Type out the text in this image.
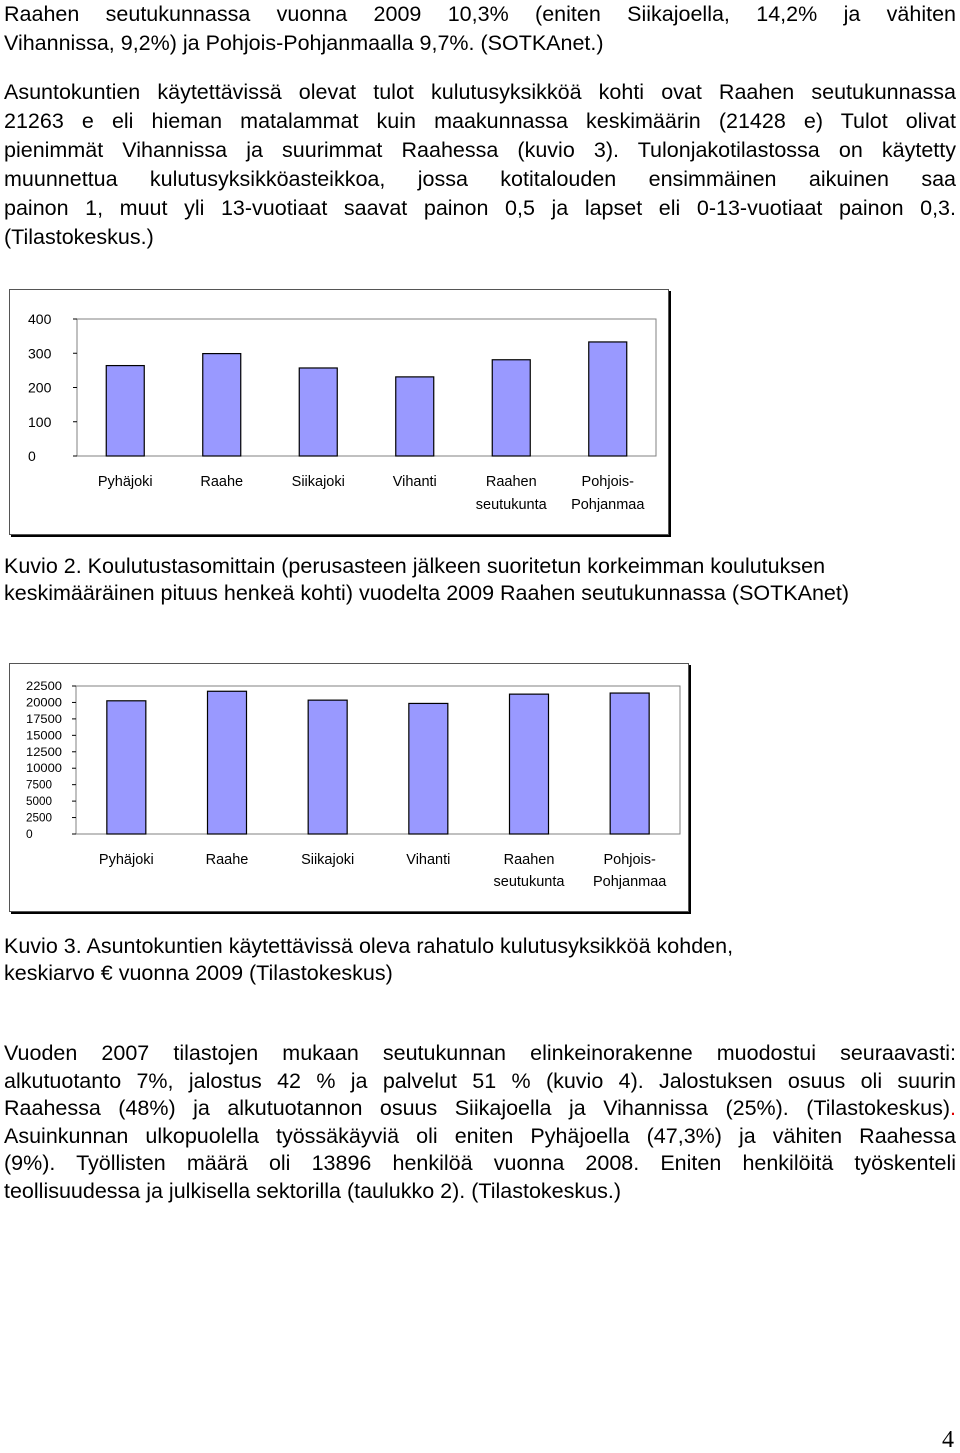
Raahen seutukunnassa vuonna 2009 10,3% (eniten Siikajoella, 14,2% ja vähiten
Vihannissa, 9,2%) ja Pohjois-Pohjanmaalla 9,7%. (SOTKAnet.)
Asuntokuntien käytettävissä olevat tulot kulutusyksikköä kohti ovat Raahen seutukunnassa
21263 e eli hieman matalammat kuin maakunnassa keskimäärin (21428 e) Tulot olivat
pienimmät Vihannissa ja suurimmat Raahessa (kuvio 3). Tulonjakotilastossa on käytetty
muunnettua kulutusyksikköasteikkoa, jossa kotitalouden ensimmäinen aikuinen saa
painon 1, muut yli 13-vuotiaat saavat painon 0,5 ja lapset eli 0-13-vuotiaat painon 0,3.
(Tilastokeskus.)
0
100
200
300
400
Pyhäjoki	Raahe	Siikajoki	Vihanti	Raahen
seutukunta
Pohjois-
Pohjanmaa
Kuvio 2. Koulutustasomittain (perusasteen jälkeen suoritetun korkeimman koulutuksen
keskimääräinen pituus henkeä kohti) vuodelta 2009 Raahen seutukunnassa (SOTKAnet)
0
2500
5000
7500
10000
12500
15000
17500
20000
22500
Pyhäjoki	Raahe	Siikajoki	Vihanti	Raahen
seutukunta
Pohjois-
Pohjanmaa
Kuvio 3. Asuntokuntien käytettävissä oleva rahatulo kulutusyksikköä kohden,
keskiarvo € vuonna 2009 (Tilastokeskus)
Vuoden 2007 tilastojen mukaan seutukunnan elinkeinorakenne muodostui seuraavasti:
alkutuotanto 7%, jalostus 42 % ja palvelut 51 % (kuvio 4). Jalostuksen osuus oli suurin
Raahessa (48%) ja alkutuotannon osuus Siikajoella ja Vihannissa (25%). (Tilastokeskus).
Asuinkunnan ulkopuolella työssäkäyviä oli eniten Pyhäjoella (47,3%) ja vähiten Raahessa
(9%). Työllisten määrä oli 13896 henkilöä vuonna 2008. Eniten henkilöitä työskenteli
teollisuudessa ja julkisella sektorilla (taulukko 2). (Tilastokeskus.)
4
